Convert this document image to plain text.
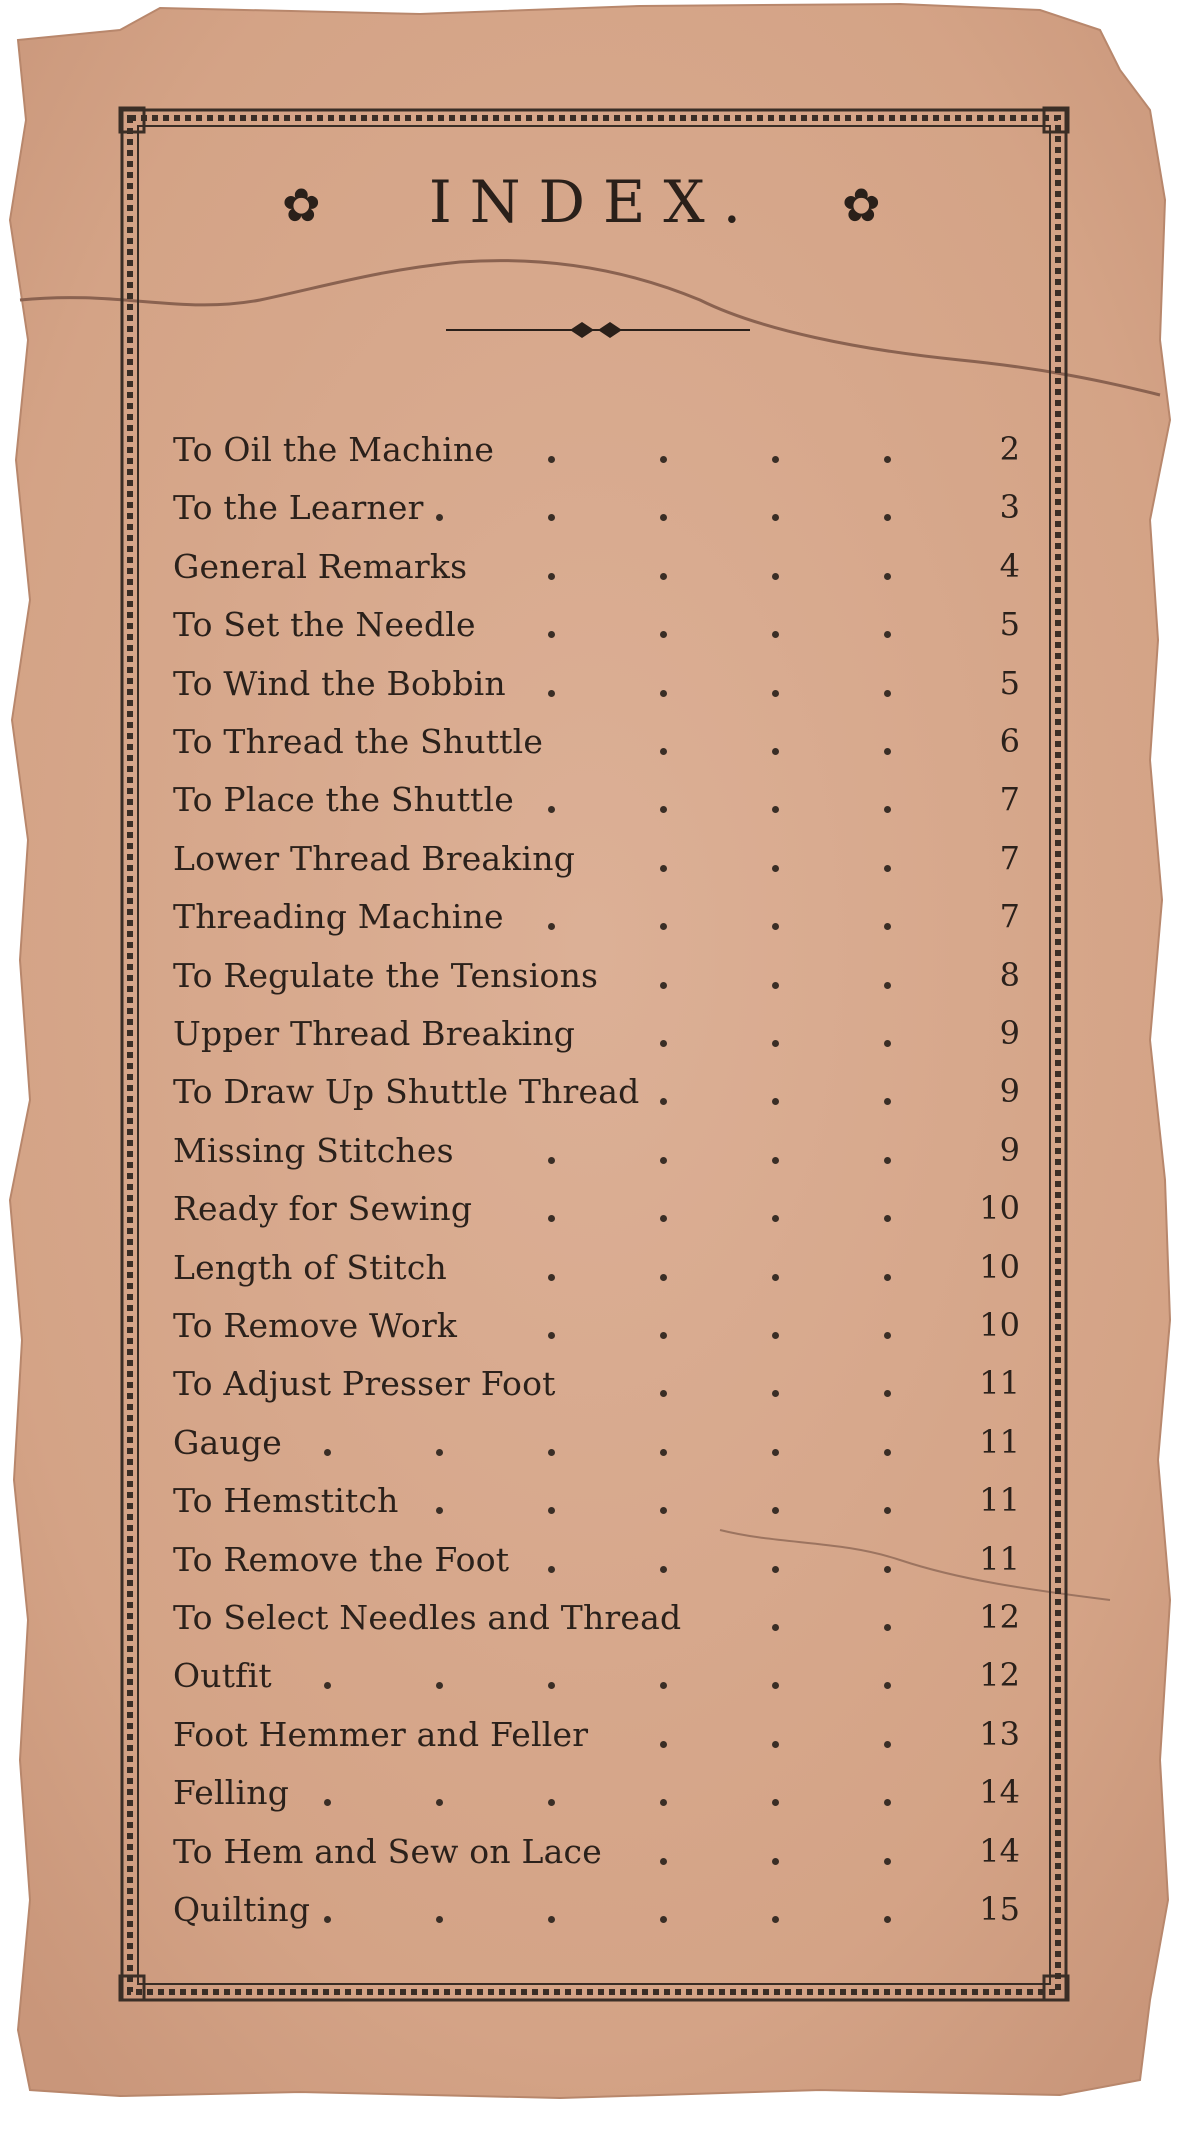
✿	INDEX.	✿
To Oil the Machine	2
To the Learner	3
General Remarks	4
To Set the Needle	5
To Wind the Bobbin	5
To Thread the Shuttle	6
To Place the Shuttle	7
Lower Thread Breaking	7
Threading Machine	7
To Regulate the Tensions	8
Upper Thread Breaking	9
To Draw Up Shuttle Thread	9
Missing Stitches	9
Ready for Sewing	10
Length of Stitch	10
To Remove Work	10
To Adjust Presser Foot	11
Gauge	11
To Hemstitch	11
To Remove the Foot	11
To Select Needles and Thread	12
Outfit	12
Foot Hemmer and Feller	13
Felling	14
To Hem and Sew on Lace	14
Quilting	15
